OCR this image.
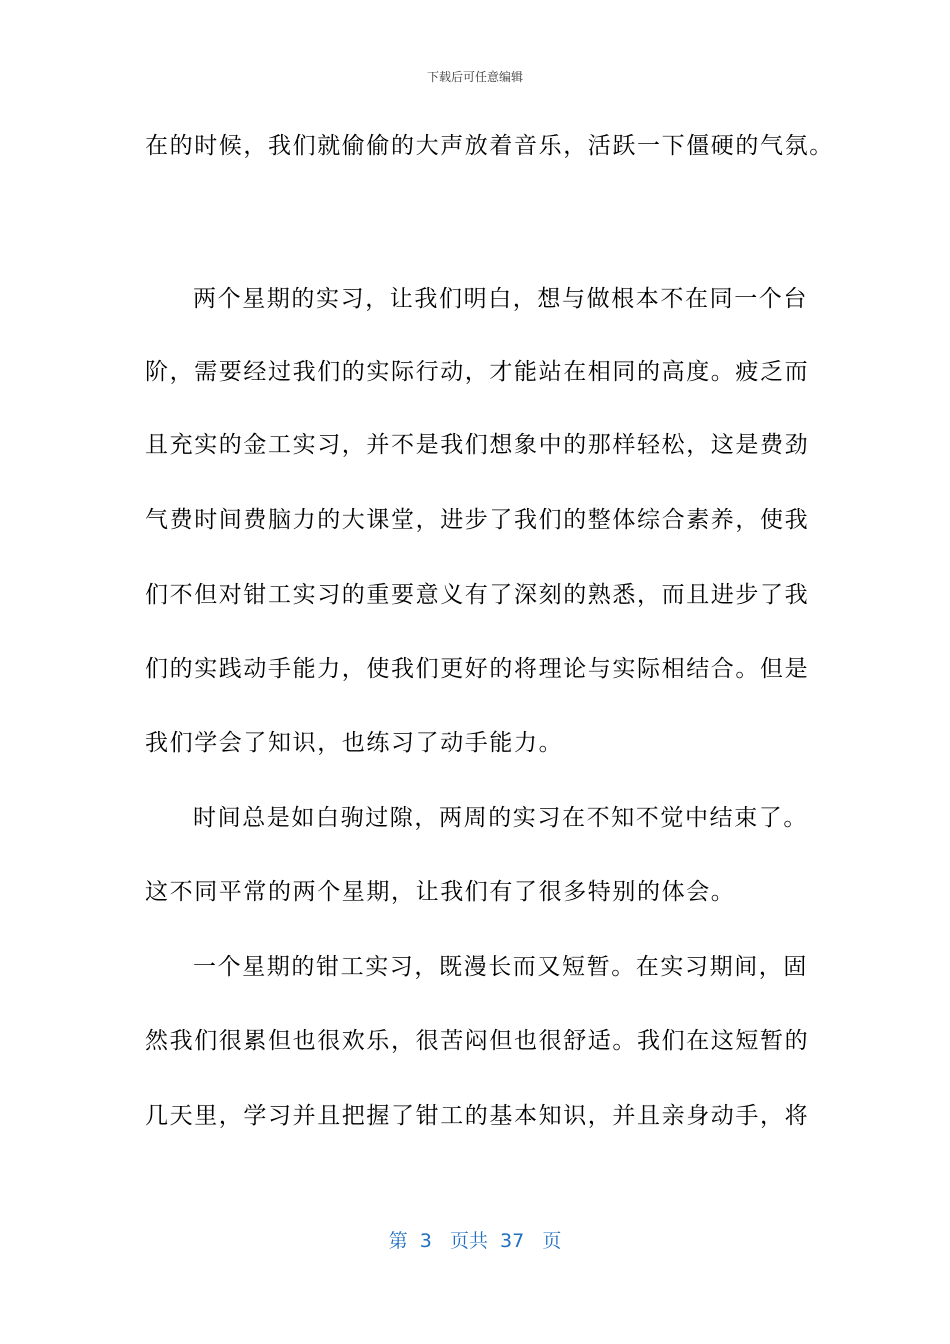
下载后可任意编辑
在的时候，我们就偷偷的大声放着音乐，活跃一下僵硬的气氛。
两个星期的实习，让我们明白，想与做根本不在同一个台
阶，需要经过我们的实际行动，才能站在相同的高度。疲乏而
且充实的金工实习，并不是我们想象中的那样轻松，这是费劲
气费时间费脑力的大课堂，进步了我们的整体综合素养，使我
们不但对钳工实习的重要意义有了深刻的熟悉，而且进步了我
们的实践动手能力，使我们更好的将理论与实际相结合。但是
我们学会了知识，也练习了动手能力。
时间总是如白驹过隙，两周的实习在不知不觉中结束了。
这不同平常的两个星期，让我们有了很多特别的体会。
一个星期的钳工实习，既漫长而又短暂。在实习期间，固
然我们很累但也很欢乐，很苦闷但也很舒适。我们在这短暂的
几天里，学习并且把握了钳工的基本知识，并且亲身动手，将
第  3   页共  37   页
